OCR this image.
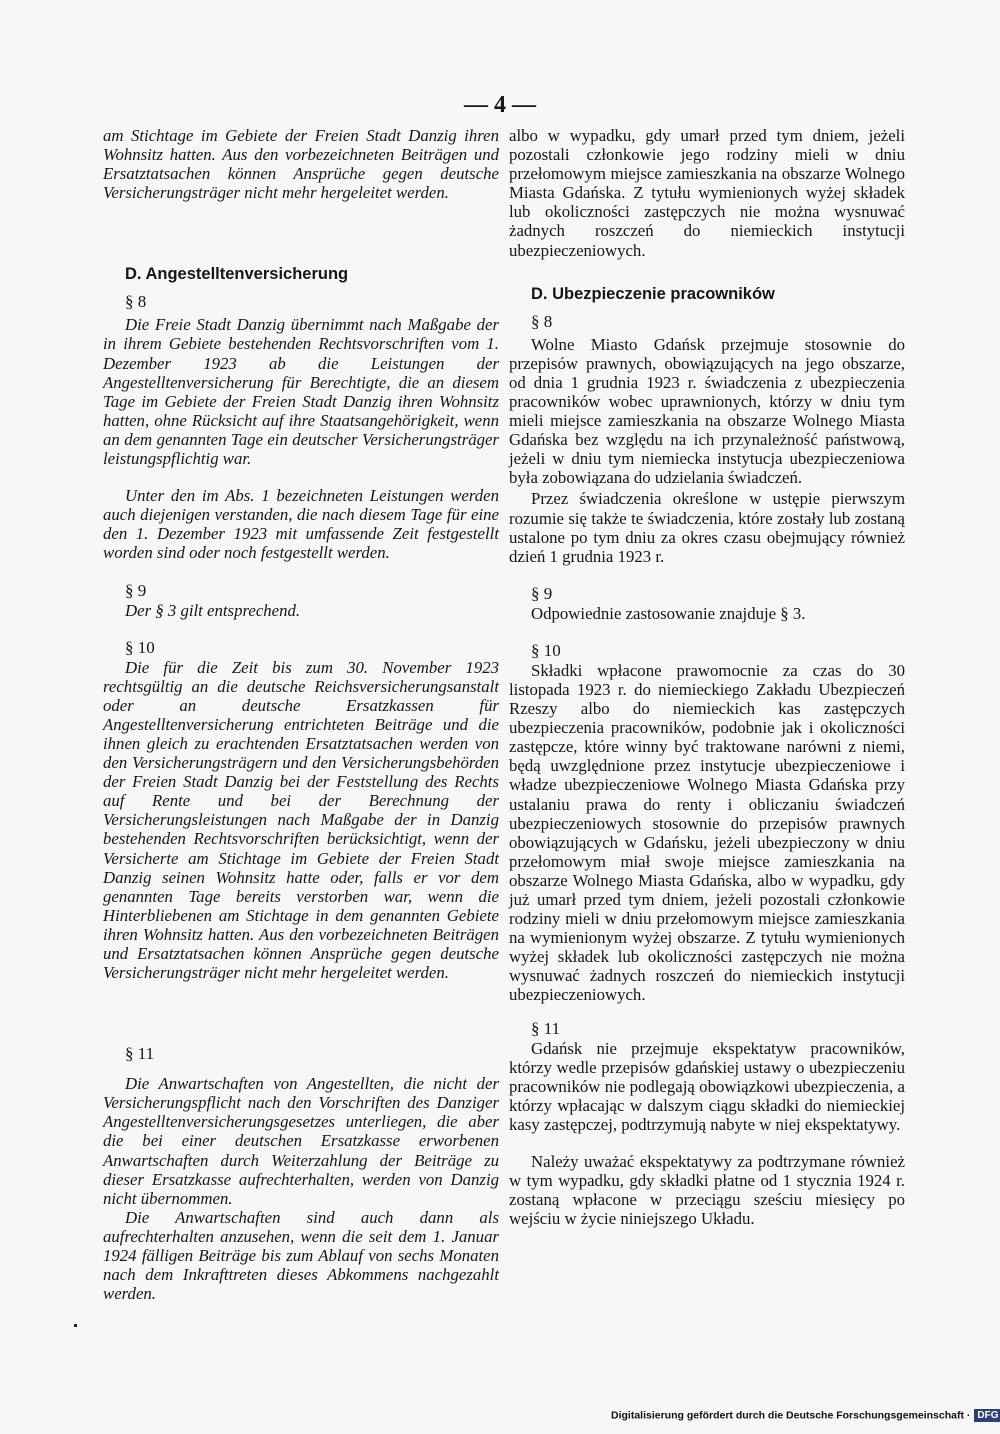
— 4 —

am Stichtage im Gebiete der Freien Stadt Danzig ihren Wohnsitz hatten. Aus den vorbezeichneten Beiträgen und Ersatztatsachen können Ansprüche gegen deutsche Versicherungsträger nicht mehr hergeleitet werden.

D. Angestelltenversicherung

§ 8

Die Freie Stadt Danzig übernimmt nach Maßgabe der in ihrem Gebiete bestehenden Rechtsvorschriften vom 1. Dezember 1923 ab die Leistungen der Angestelltenversicherung für Berechtigte, die an diesem Tage im Gebiete der Freien Stadt Danzig ihren Wohnsitz hatten, ohne Rücksicht auf ihre Staatsangehörigkeit, wenn an dem genannten Tage ein deutscher Versicherungsträger leistungspflichtig war.

Unter den im Abs. 1 bezeichneten Leistungen werden auch diejenigen verstanden, die nach diesem Tage für eine den 1. Dezember 1923 mit umfassende Zeit festgestellt worden sind oder noch festgestellt werden.

§ 9

Der § 3 gilt entsprechend.

§ 10

Die für die Zeit bis zum 30. November 1923 rechtsgültig an die deutsche Reichsversicherungsanstalt oder an deutsche Ersatzkassen für Angestelltenversicherung entrichteten Beiträge und die ihnen gleich zu erachtenden Ersatztatsachen werden von den Versicherungsträgern und den Versicherungsbehörden der Freien Stadt Danzig bei der Feststellung des Rechts auf Rente und bei der Berechnung der Versicherungsleistungen nach Maßgabe der in Danzig bestehenden Rechtsvorschriften berücksichtigt, wenn der Versicherte am Stichtage im Gebiete der Freien Stadt Danzig seinen Wohnsitz hatte oder, falls er vor dem genannten Tage bereits verstorben war, wenn die Hinterbliebenen am Stichtage in dem genannten Gebiete ihren Wohnsitz hatten. Aus den vorbezeichneten Beiträgen und Ersatztatsachen können Ansprüche gegen deutsche Versicherungsträger nicht mehr hergeleitet werden.

§ 11

Die Anwartschaften von Angestellten, die nicht der Versicherungspflicht nach den Vorschriften des Danziger Angestelltenversicherungsgesetzes unterliegen, die aber die bei einer deutschen Ersatzkasse erworbenen Anwartschaften durch Weiterzahlung der Beiträge zu dieser Ersatzkasse aufrechterhalten, werden von Danzig nicht übernommen.

Die Anwartschaften sind auch dann als aufrechterhalten anzusehen, wenn die seit dem 1. Januar 1924 fälligen Beiträge bis zum Ablauf von sechs Monaten nach dem Inkrafttreten dieses Abkommens nachgezahlt werden.

albo w wypadku, gdy umarł przed tym dniem, jeżeli pozostali członkowie jego rodziny mieli w dniu przełomowym miejsce zamieszkania na obszarze Wolnego Miasta Gdańska. Z tytułu wymienionych wyżej składek lub okoliczności zastępczych nie można wysnuwać żadnych roszczeń do niemieckich instytucji ubezpieczeniowych.

D. Ubezpieczenie pracowników

§ 8

Wolne Miasto Gdańsk przejmuje stosownie do przepisów prawnych, obowiązujących na jego obszarze, od dnia 1 grudnia 1923 r. świadczenia z ubezpieczenia pracowników wobec uprawnionych, którzy w dniu tym mieli miejsce zamieszkania na obszarze Wolnego Miasta Gdańska bez względu na ich przynależność państwową, jeżeli w dniu tym niemiecka instytucja ubezpieczeniowa była zobowiązana do udzielania świadczeń.

Przez świadczenia określone w ustępie pierwszym rozumie się także te świadczenia, które zostały lub zostaną ustalone po tym dniu za okres czasu obejmujący również dzień 1 grudnia 1923 r.

§ 9

Odpowiednie zastosowanie znajduje § 3.

§ 10

Składki wpłacone prawomocnie za czas do 30 listopada 1923 r. do niemieckiego Zakładu Ubezpieczeń Rzeszy albo do niemieckich kas zastępczych ubezpieczenia pracowników, podobnie jak i okoliczności zastępcze, które winny być traktowane narówni z niemi, będą uwzględnione przez instytucje ubezpieczeniowe i władze ubezpieczeniowe Wolnego Miasta Gdańska przy ustalaniu prawa do renty i obliczaniu świadczeń ubezpieczeniowych stosownie do przepisów prawnych obowiązujących w Gdańsku, jeżeli ubezpieczony w dniu przełomowym miał swoje miejsce zamieszkania na obszarze Wolnego Miasta Gdańska, albo w wypadku, gdy już umarł przed tym dniem, jeżeli pozostali członkowie rodziny mieli w dniu przełomowym miejsce zamieszkania na wymienionym wyżej obszarze. Z tytułu wymienionych wyżej składek lub okoliczności zastępczych nie można wysnuwać żadnych roszczeń do niemieckich instytucji ubezpieczeniowych.

§ 11

Gdańsk nie przejmuje ekspektatyw pracowników, którzy wedle przepisów gdańskiej ustawy o ubezpieczeniu pracowników nie podlegają obowiązkowi ubezpieczenia, a którzy wpłacając w dalszym ciągu składki do niemieckiej kasy zastępczej, podtrzymują nabyte w niej ekspektatywy.

Należy uważać ekspektatywy za podtrzymane również w tym wypadku, gdy składki płatne od 1 stycznia 1924 r. zostaną wpłacone w przeciągu sześciu miesięcy po wejściu w życie niniejszego Układu.

Digitalisierung gefördert durch die Deutsche Forschungsgemeinschaft · DFG
